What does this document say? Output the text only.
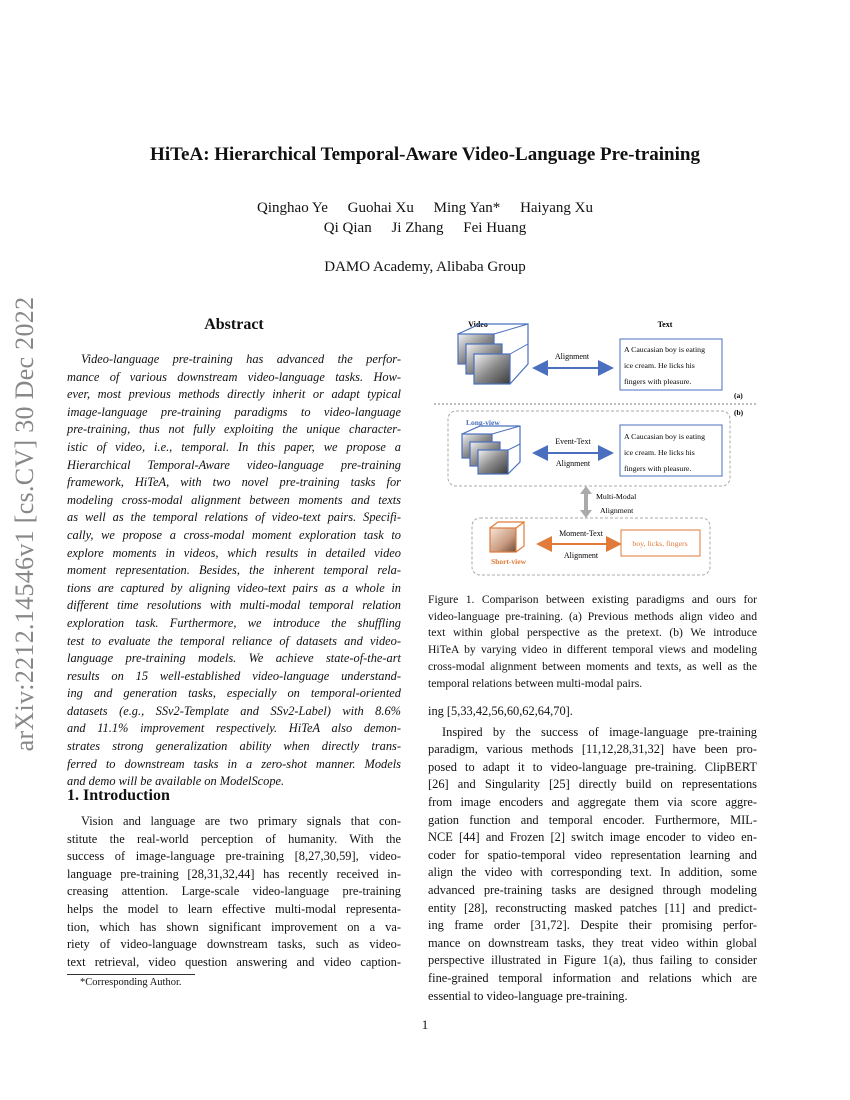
HiTeA: Hierarchical Temporal-Aware Video-Language Pre-training
Qinghao Ye Guohai Xu Ming Yan* Haiyang Xu
Qi Qian Ji Zhang Fei Huang
DAMO Academy, Alibaba Group
arXiv:2212.14546v1 [cs.CV] 30 Dec 2022	Abstract
Video-language pre-training has advanced the perfor-
mance of various downstream video-language tasks. How-
ever, most previous methods directly inherit or adapt typical
image-language pre-training paradigms to video-language
pre-training, thus not fully exploiting the unique character-
istic of video, i.e., temporal. In this paper, we propose a
Hierarchical Temporal-Aware video-language pre-training
framework, HiTeA, with two novel pre-training tasks for
modeling cross-modal alignment between moments and texts
as well as the temporal relations of video-text pairs. Specifi-
cally, we propose a cross-modal moment exploration task to
explore moments in videos, which results in detailed video
moment representation. Besides, the inherent temporal rela-
tions are captured by aligning video-text pairs as a whole in
different time resolutions with multi-modal temporal relation
exploration task. Furthermore, we introduce the shuffling
test to evaluate the temporal reliance of datasets and video-
language pre-training models. We achieve state-of-the-art
results on 15 well-established video-language understand-
ing and generation tasks, especially on temporal-oriented
datasets (e.g., SSv2-Template and SSv2-Label) with 8.6%
and 11.1% improvement respectively. HiTeA also demon-
strates strong generalization ability when directly trans-
ferred to downstream tasks in a zero-shot manner. Models
and demo will be available on ModelScope.
1. Introduction
Vision and language are two primary signals that con-
stitute the real-world perception of humanity. With the
success of image-language pre-training [8,27,30,59], video-
language pre-training [28,31,32,44] has recently received in-
creasing attention. Large-scale video-language pre-training
helps the model to learn effective multi-modal representa-
tion, which has shown significant improvement on a va-
riety of video-language downstream tasks, such as video-
text retrieval, video question answering and video caption-
*Corresponding Author.
Video	Text
Alignment
A Caucasian boy is eating
ice cream. He licks his
fingers with pleasure.
(a)
(b)
Long-view
Event-Text
Alignment
A Caucasian boy is eating
ice cream. He licks his
fingers with pleasure.
Multi-Modal
Alignment
Short-view
Moment-Text
Alignment
boy, licks, fingers
Figure 1. Comparison between existing paradigms and ours for
video-language pre-training. (a) Previous methods align video and
text within global perspective as the pretext. (b) We introduce
HiTeA by varying video in different temporal views and modeling
cross-modal alignment between moments and texts, as well as the
temporal relations between multi-modal pairs.
ing [5,33,42,56,60,62,64,70].
Inspired by the success of image-language pre-training
paradigm, various methods [11,12,28,31,32] have been pro-
posed to adapt it to video-language pre-training. ClipBERT
[26] and Singularity [25] directly build on representations
from image encoders and aggregate them via score aggre-
gation function and temporal encoder. Furthermore, MIL-
NCE [44] and Frozen [2] switch image encoder to video en-
coder for spatio-temporal video representation learning and
align the video with corresponding text. In addition, some
advanced pre-training tasks are designed through modeling
entity [28], reconstructing masked patches [11] and predict-
ing frame order [31,72]. Despite their promising perfor-
mance on downstream tasks, they treat video within global
perspective illustrated in Figure 1(a), thus failing to consider
fine-grained temporal information and relations which are
essential to video-language pre-training.
1
